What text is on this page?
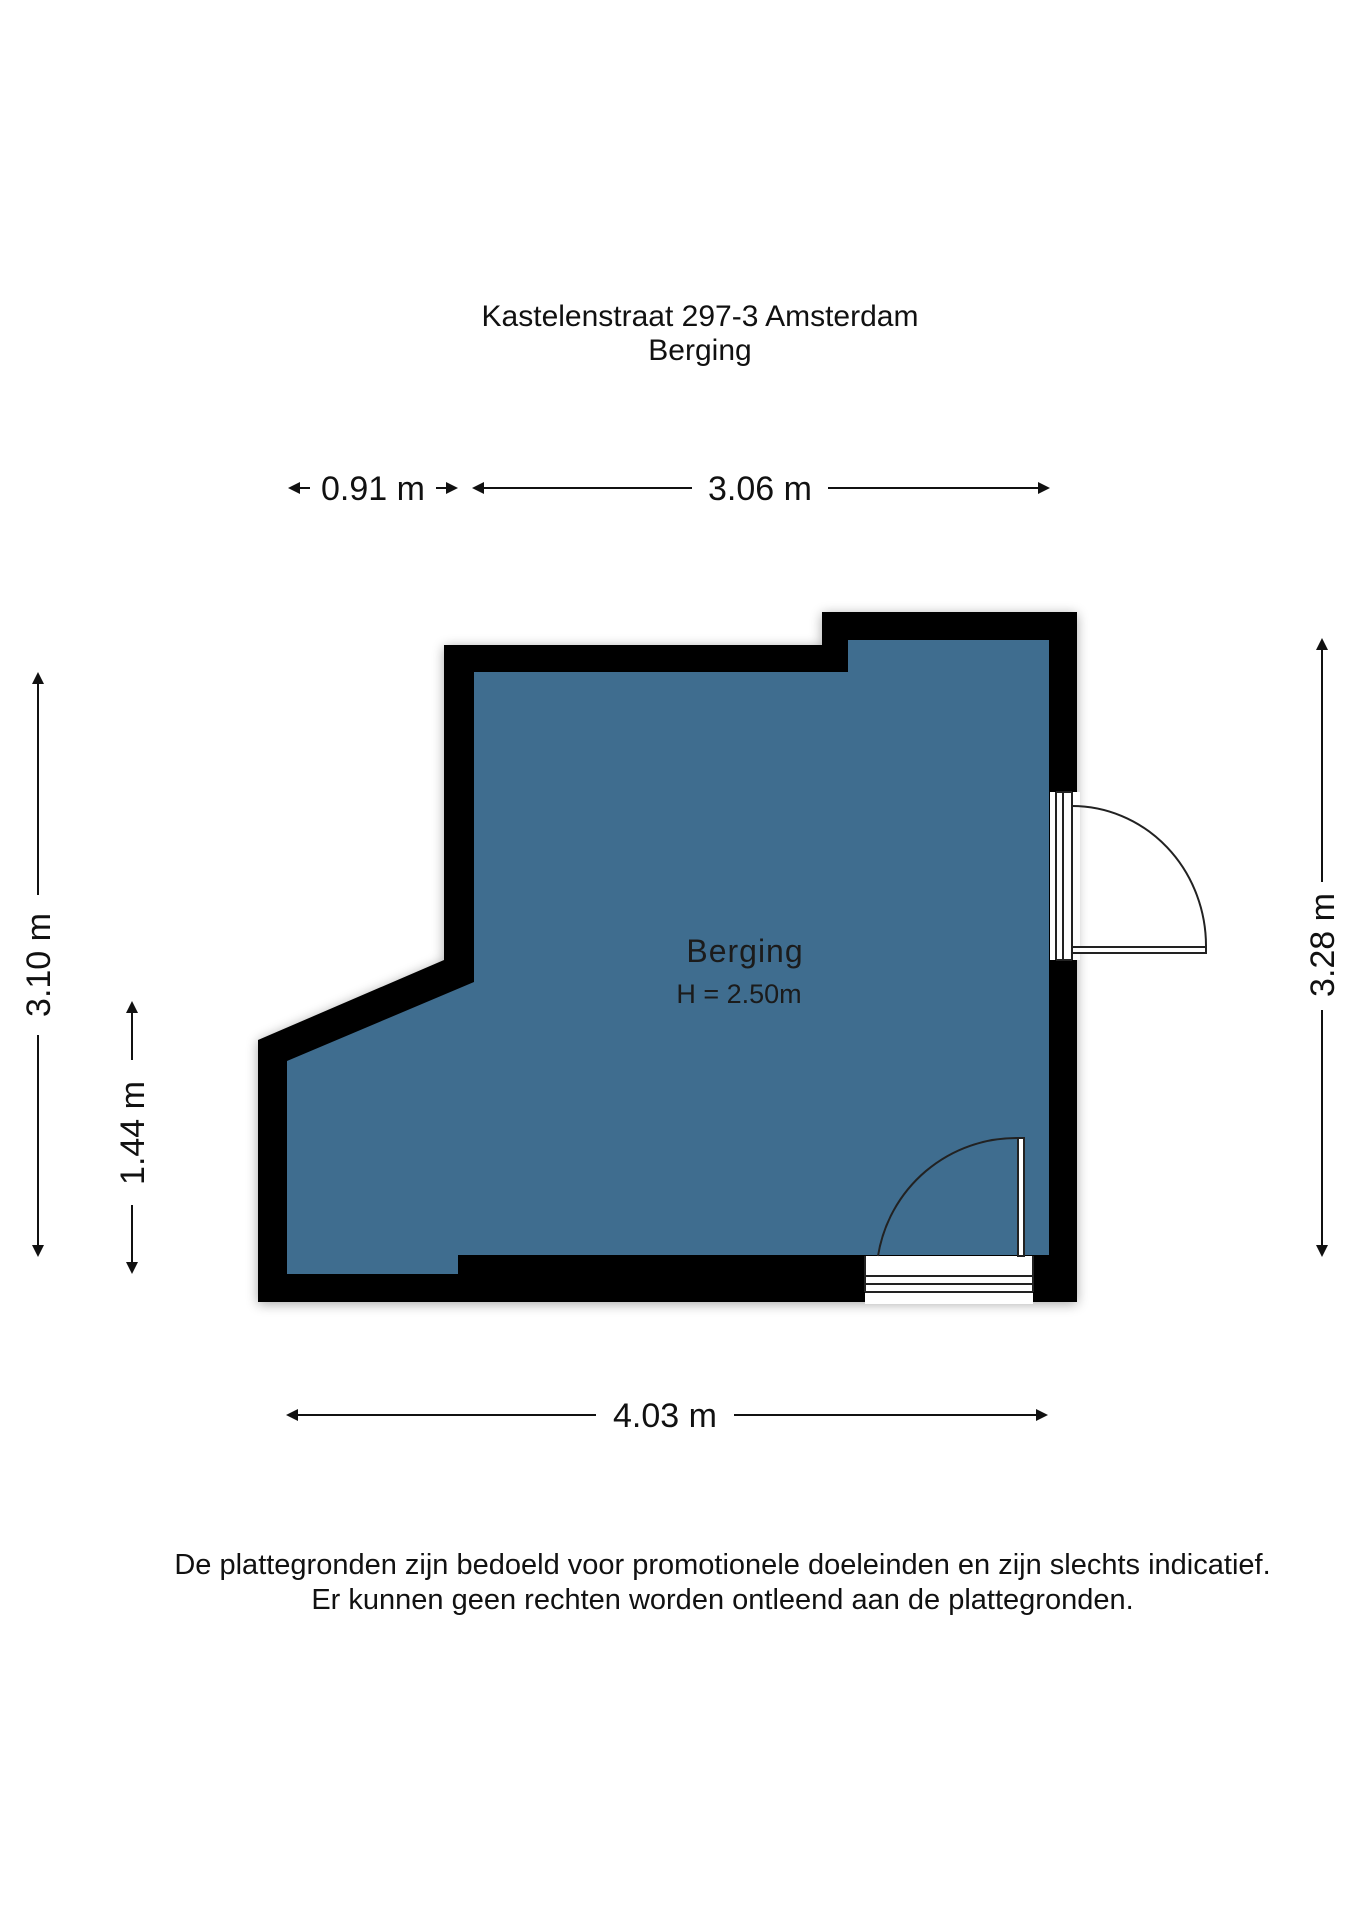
Kastelenstraat 297-3 Amsterdam
Berging
Berging
H = 2.50m
0.91 m	3.06 m
4.03 m
3.10 m
1.44 m
3.28 m
De plattegronden zijn bedoeld voor promotionele doeleinden en zijn slechts indicatief.
Er kunnen geen rechten worden ontleend aan de plattegronden.
